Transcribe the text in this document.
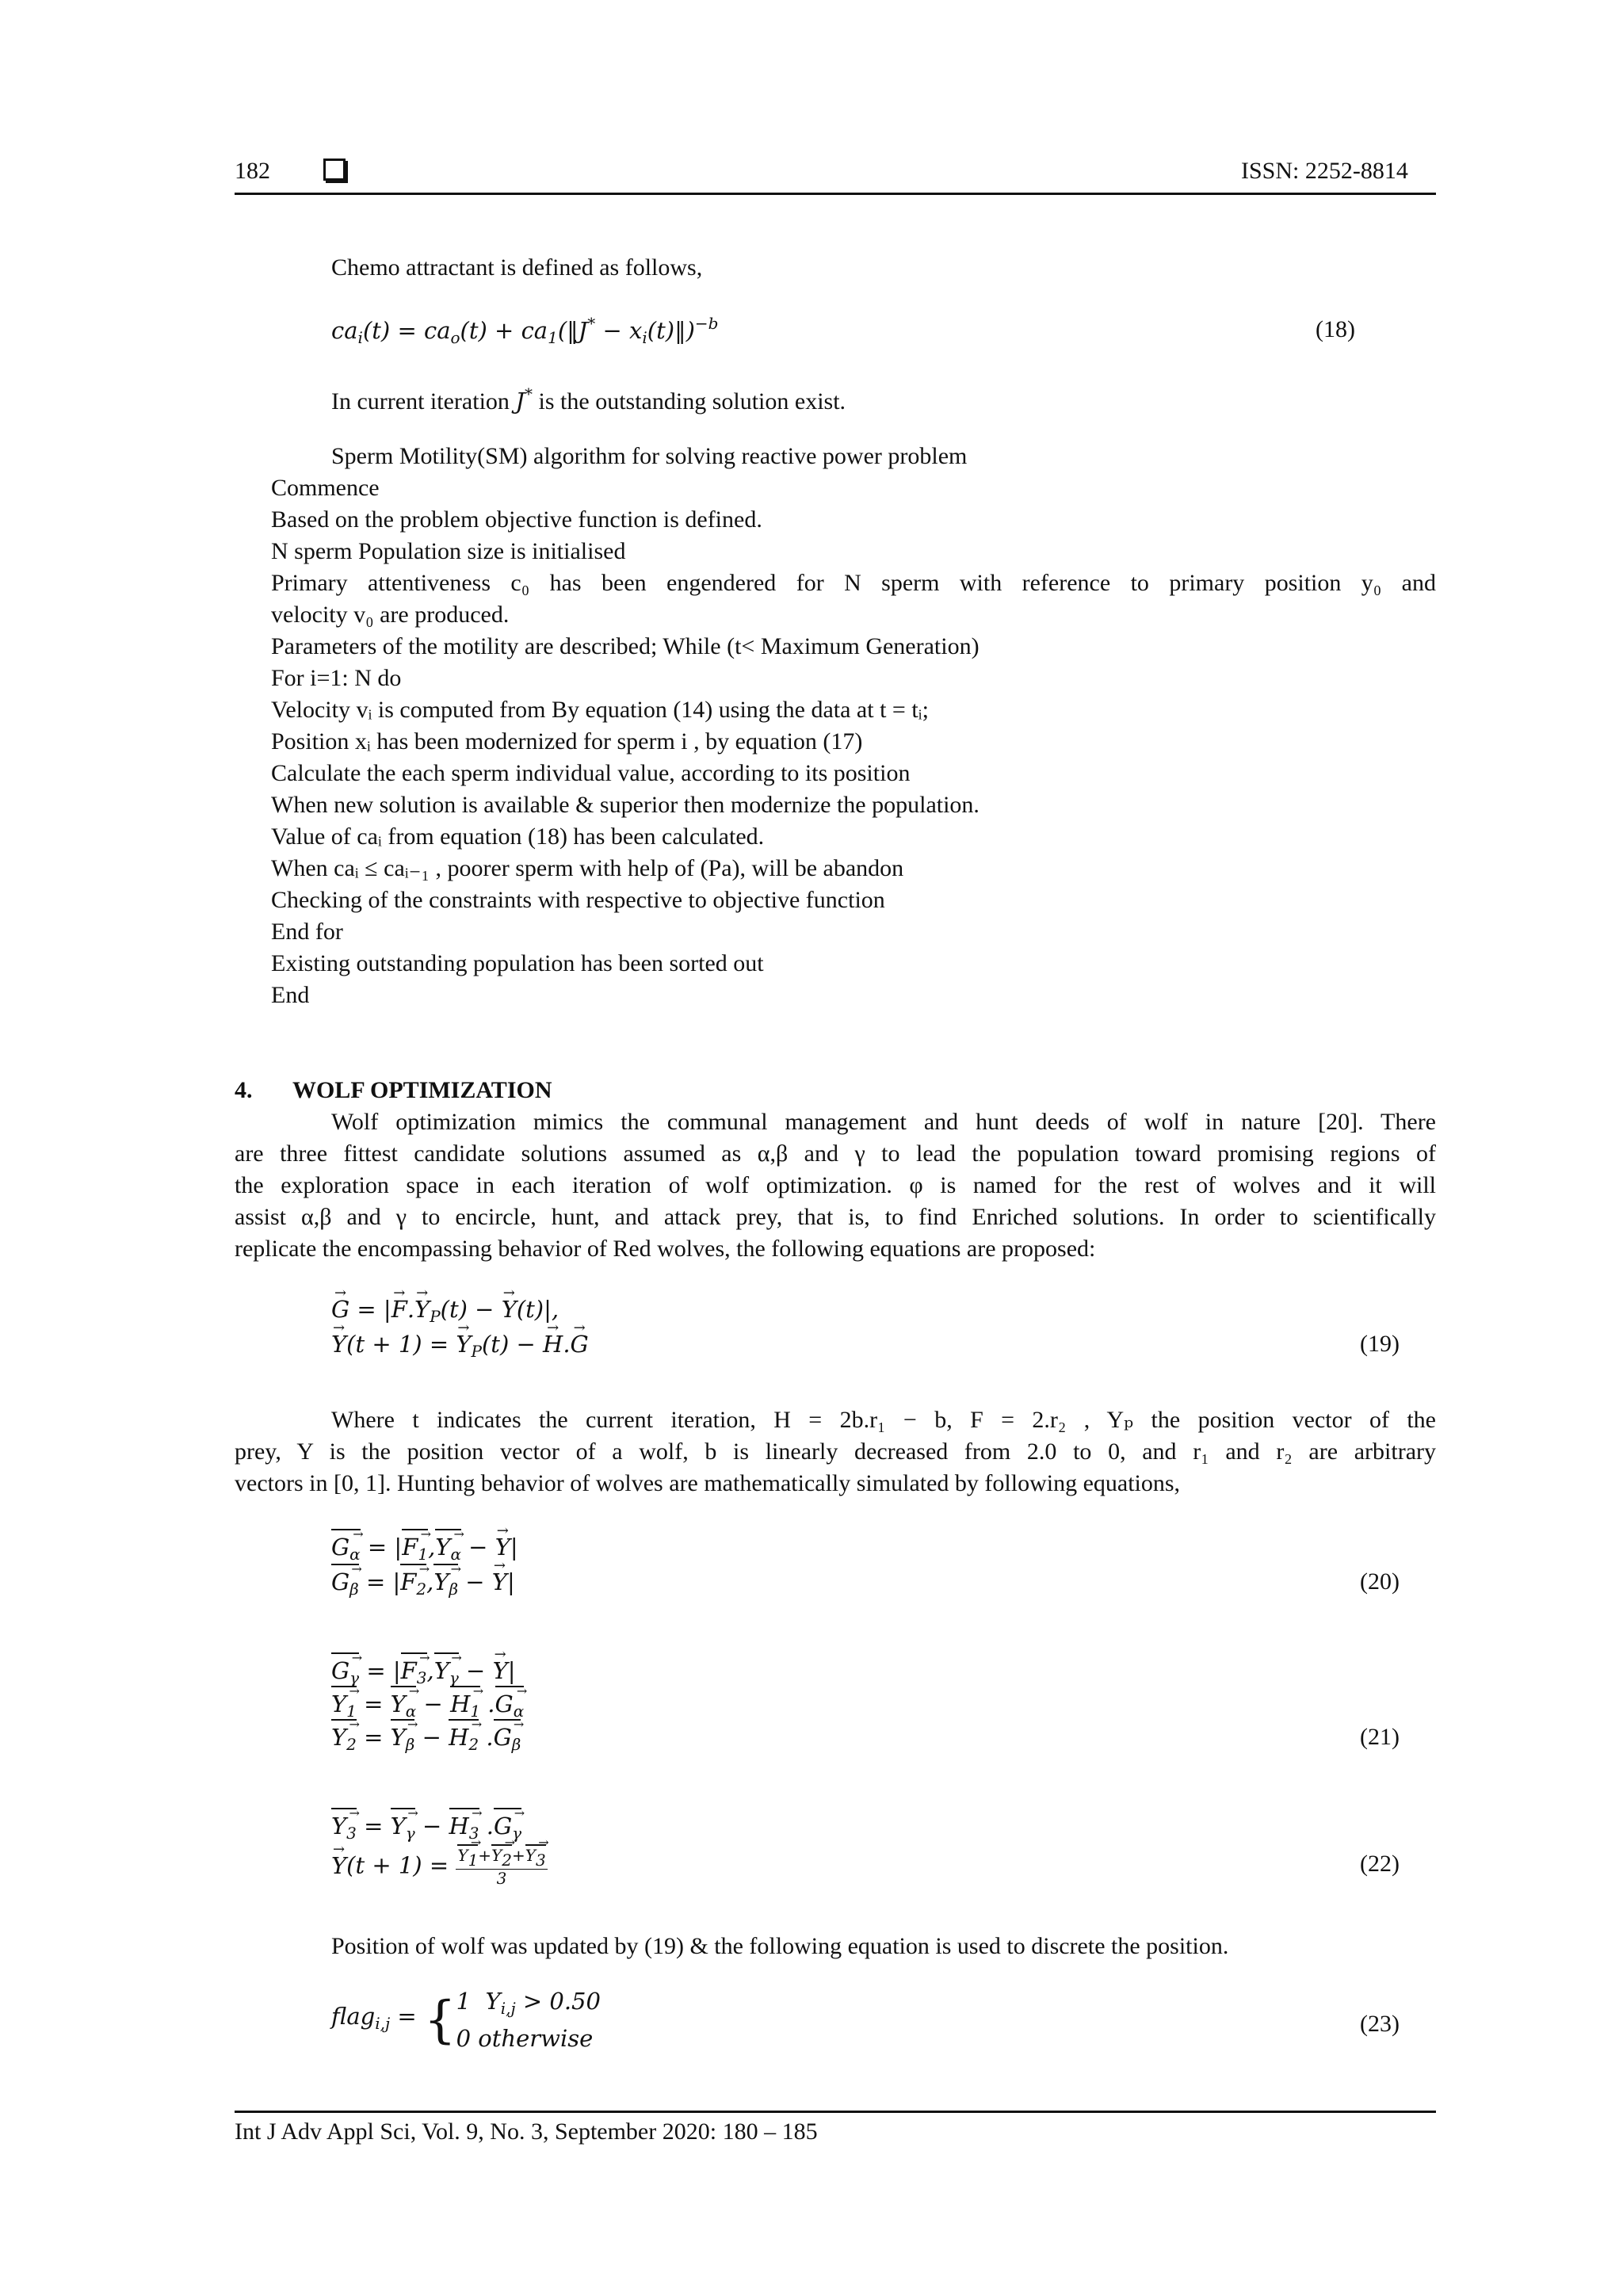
182	ISSN: 2252-8814
Chemo attractant is defined as follows,
$ca_i(t) = ca_o(t)$ + $ca_1(‖J^*$ − $x_i(t)‖)^{-b}$	(18)
In current iteration J* is the outstanding solution exist.
Sperm Motility(SM) algorithm for solving reactive power problem
Commence
Based on the problem objective function is defined.
N sperm Population size is initialised
Primary attentiveness c₀ has been engendered for N sperm with reference to primary position y₀ and
velocity v₀ are produced.
Parameters of the motility are described; While (t< Maximum Generation)
For i=1: N do
Velocity vᵢ is computed from By equation (14) using the data at t = tᵢ;
Position xᵢ has been modernized for sperm i , by equation (17)
Calculate the each sperm individual value, according to its position
When new solution is available & superior then modernize the population.
Value of caᵢ from equation (18) has been calculated.
When caᵢ ≤ caᵢ₋₁ , poorer sperm with help of (Pa), will be abandon
Checking of the constraints with respective to objective function
End for
Existing outstanding population has been sorted out
End
4. WOLF OPTIMIZATION
Wolf optimization mimics the communal management and hunt deeds of wolf in nature [20]. There
are three fittest candidate solutions assumed as α,β and γ to lead the population toward promising regions of
the exploration space in each iteration of wolf optimization. φ is named for the rest of wolves and it will
assist α,β and γ to encircle, hunt, and attack prey, that is, to find Enriched solutions. In order to scientifically
replicate the encompassing behavior of Red wolves, the following equations are proposed:
→ G = |→ $F.\to Y_P(t)$ − → Y(t)|,
→ Y(t + 1) = → $Y_P(t)$ − → H.→ G	(19)
Where t indicates the current iteration, H = 2b.r₁ − b, F = 2.r₂ , Yₚ the position vector of the
prey, Y is the position vector of a wolf, b is linearly decreased from 2.0 to 0, and r₁ and r₂ are arbitrary
vectors in [0, 1]. Hunting behavior of wolves are mathematically simulated by following equations,
$G_\alpha$ → = $|F_1 \to,Y_\alpha$ → − → Y|
$G_\beta$ → = $|F_2 \to,Y_\beta$ → − → Y|	(20)
$G_\gamma$ → = $|F_3 \to,Y_\gamma$ → − → Y|
$Y_1$ → = $Y_\alpha$ → − $H_1 \to .G_\alpha$ →
$Y_2$ → = $Y_\beta$ → − $H_2 \to .G_\beta$ →	(21)
$Y_3$ → = $Y_\gamma$ → − $H_3 \to .G_\gamma$ →
→ $Y(t + 1) = \frac{Y_1 \to+Y_2 \to+Y_3 \to}{3}$	(22)
Position of wolf was updated by (19) & the following equation is used to discrete the position.
flag$_{i,j}$ = { 1  $Y_{i,j} > 0.50$
0 otherwise
(23)
Int J Adv Appl Sci, Vol. 9, No. 3, September 2020: 180 – 185
